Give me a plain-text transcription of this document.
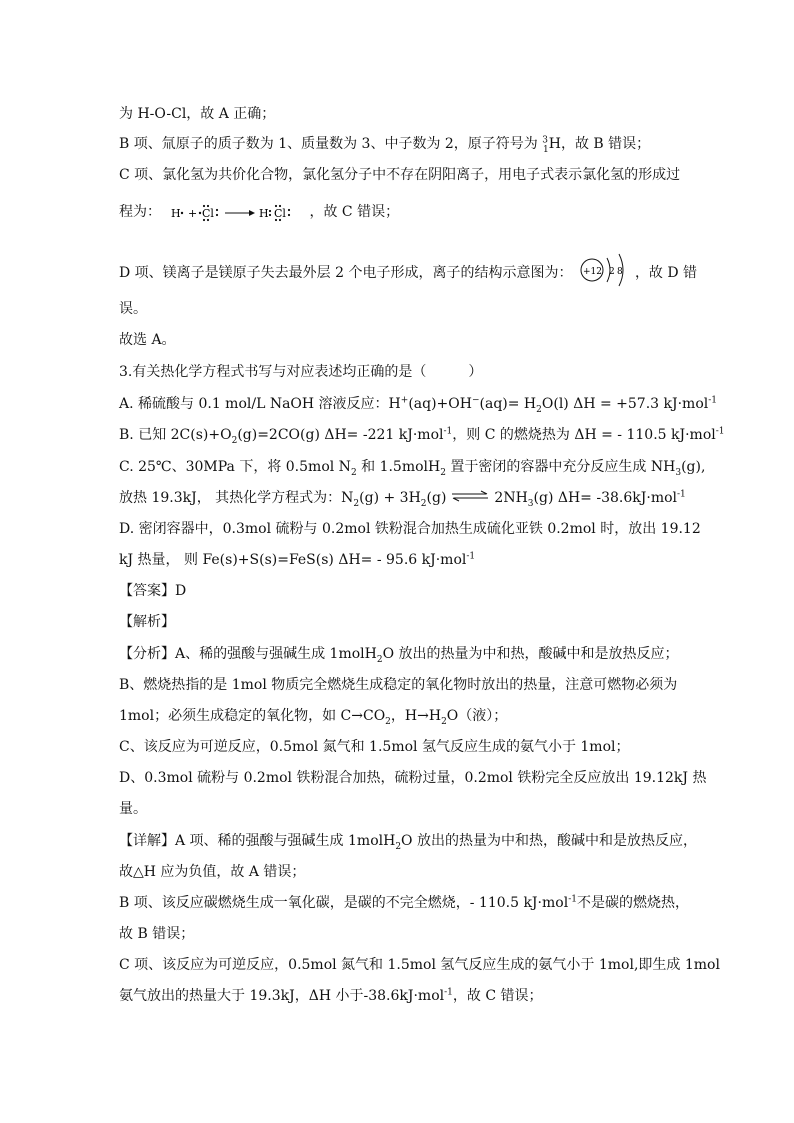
为 H-O-Cl，故 A 正确；
B 项、氚原子的质子数为 1、质量数为 3、中子数为 2，原子符号为 $^3_1$H，故 B 错误；
C 项、氯化氢为共价化合物，氯化氢分子中不存在阴阳离子，用电子式表示氯化氢的形成过
程为： H + Cl	H Cl ，故 C 错误；
D 项、镁离子是镁原子失去最外层 2 个电子形成，离子的结构示意图为： +12 2 8 ，故 D 错
误。
故选 A。
3.有关热化学方程式书写与对应表述均正确的是（　　　）
A. 稀硫酸与 0.1 mol/L NaOH 溶液反应：$H^+(aq)+OH^-(aq)= H_2O(l) \Delta H = +57.3$ kJ·mol$^{-1}$
B. 已知 $2C(s)+O_2(g)=2CO(g)$ ΔH= -221 kJ·mol$^{-1}$，则 C 的燃烧热为 ΔH = - 110.5 kJ·mol$^{-1}$
C. 25℃、30MPa 下，将 0.5mol $N_2$ 和 1.5molH$_2$ 置于密闭的容器中充分反应生成 $NH_3(g)$,
放热 19.3kJ， 其热化学方程式为：$N_2(g) + 3H_2(g)$ ⇌ $2NH_3(g)$ ΔH= -38.6kJ·mol$^{-1}$
D. 密闭容器中，0.3mol 硫粉与 0.2mol 铁粉混合加热生成硫化亚铁 0.2mol 时，放出 19.12
kJ 热量， 则 Fe(s)+S(s)=FeS(s) ΔH= - 95.6 kJ·mol$^{-1}$
【答案】D
【解析】
【分析】A、稀的强酸与强碱生成 1molH$_2$O 放出的热量为中和热，酸碱中和是放热反应；
B、燃烧热指的是 1mol 物质完全燃烧生成稳定的氧化物时放出的热量，注意可燃物必须为
1mol；必须生成稳定的氧化物，如 $C\to CO_2$，$H\to H_2O$（液）；
C、该反应为可逆反应，0.5mol 氮气和 1.5mol 氢气反应生成的氨气小于 1mol；
D、0.3mol 硫粉与 0.2mol 铁粉混合加热，硫粉过量，0.2mol 铁粉完全反应放出 19.12kJ 热
量。
【详解】A 项、稀的强酸与强碱生成 1molH$_2$O 放出的热量为中和热，酸碱中和是放热反应，
故△H 应为负值，故 A 错误；
B 项、该反应碳燃烧生成一氧化碳，是碳的不完全燃烧，- 110.5 kJ·mol$^{-1}$不是碳的燃烧热，
故 B 错误；
C 项、该反应为可逆反应，0.5mol 氮气和 1.5mol 氢气反应生成的氨气小于 1mol,即生成 1mol
氨气放出的热量大于 19.3kJ，ΔH 小于-38.6kJ·mol$^{-1}$，故 C 错误；
